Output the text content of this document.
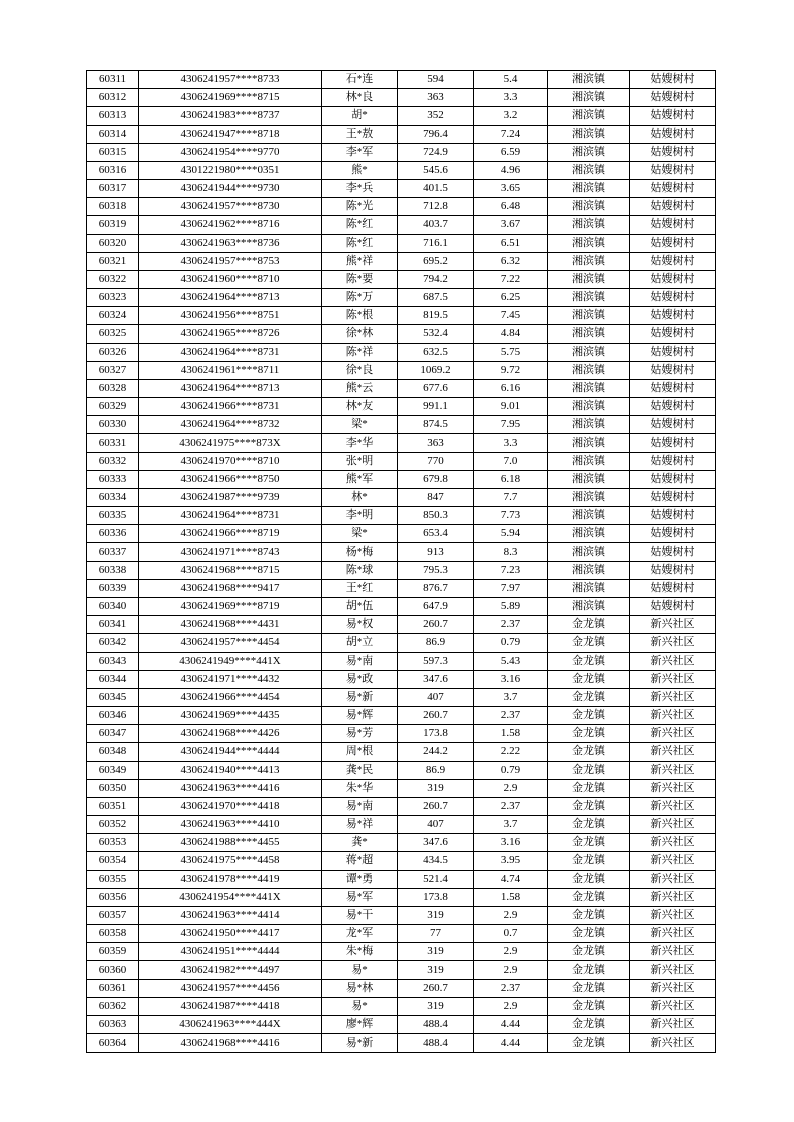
60311	4306241957****8733	石*连	594	5.4	湘滨镇	姑嫂树村
60312	4306241969****8715	林*良	363	3.3	湘滨镇	姑嫂树村
60313	4306241983****8737	胡*	352	3.2	湘滨镇	姑嫂树村
60314	4306241947****8718	王*敖	796.4	7.24	湘滨镇	姑嫂树村
60315	4306241954****9770	李*军	724.9	6.59	湘滨镇	姑嫂树村
60316	4301221980****0351	熊*	545.6	4.96	湘滨镇	姑嫂树村
60317	4306241944****9730	李*兵	401.5	3.65	湘滨镇	姑嫂树村
60318	4306241957****8730	陈*光	712.8	6.48	湘滨镇	姑嫂树村
60319	4306241962****8716	陈*红	403.7	3.67	湘滨镇	姑嫂树村
60320	4306241963****8736	陈*红	716.1	6.51	湘滨镇	姑嫂树村
60321	4306241957****8753	熊*祥	695.2	6.32	湘滨镇	姑嫂树村
60322	4306241960****8710	陈*要	794.2	7.22	湘滨镇	姑嫂树村
60323	4306241964****8713	陈*万	687.5	6.25	湘滨镇	姑嫂树村
60324	4306241956****8751	陈*根	819.5	7.45	湘滨镇	姑嫂树村
60325	4306241965****8726	徐*林	532.4	4.84	湘滨镇	姑嫂树村
60326	4306241964****8731	陈*祥	632.5	5.75	湘滨镇	姑嫂树村
60327	4306241961****8711	徐*良	1069.2	9.72	湘滨镇	姑嫂树村
60328	4306241964****8713	熊*云	677.6	6.16	湘滨镇	姑嫂树村
60329	4306241966****8731	林*友	991.1	9.01	湘滨镇	姑嫂树村
60330	4306241964****8732	梁*	874.5	7.95	湘滨镇	姑嫂树村
60331	4306241975****873X	李*华	363	3.3	湘滨镇	姑嫂树村
60332	4306241970****8710	张*明	770	7.0	湘滨镇	姑嫂树村
60333	4306241966****8750	熊*军	679.8	6.18	湘滨镇	姑嫂树村
60334	4306241987****9739	林*	847	7.7	湘滨镇	姑嫂树村
60335	4306241964****8731	李*明	850.3	7.73	湘滨镇	姑嫂树村
60336	4306241966****8719	梁*	653.4	5.94	湘滨镇	姑嫂树村
60337	4306241971****8743	杨*梅	913	8.3	湘滨镇	姑嫂树村
60338	4306241968****8715	陈*球	795.3	7.23	湘滨镇	姑嫂树村
60339	4306241968****9417	王*红	876.7	7.97	湘滨镇	姑嫂树村
60340	4306241969****8719	胡*伍	647.9	5.89	湘滨镇	姑嫂树村
60341	4306241968****4431	易*权	260.7	2.37	金龙镇	新兴社区
60342	4306241957****4454	胡*立	86.9	0.79	金龙镇	新兴社区
60343	4306241949****441X	易*南	597.3	5.43	金龙镇	新兴社区
60344	4306241971****4432	易*政	347.6	3.16	金龙镇	新兴社区
60345	4306241966****4454	易*新	407	3.7	金龙镇	新兴社区
60346	4306241969****4435	易*辉	260.7	2.37	金龙镇	新兴社区
60347	4306241968****4426	易*芳	173.8	1.58	金龙镇	新兴社区
60348	4306241944****4444	周*根	244.2	2.22	金龙镇	新兴社区
60349	4306241940****4413	龚*民	86.9	0.79	金龙镇	新兴社区
60350	4306241963****4416	朱*华	319	2.9	金龙镇	新兴社区
60351	4306241970****4418	易*南	260.7	2.37	金龙镇	新兴社区
60352	4306241963****4410	易*祥	407	3.7	金龙镇	新兴社区
60353	4306241988****4455	龚*	347.6	3.16	金龙镇	新兴社区
60354	4306241975****4458	蒋*超	434.5	3.95	金龙镇	新兴社区
60355	4306241978****4419	谭*勇	521.4	4.74	金龙镇	新兴社区
60356	4306241954****441X	易*军	173.8	1.58	金龙镇	新兴社区
60357	4306241963****4414	易*干	319	2.9	金龙镇	新兴社区
60358	4306241950****4417	龙*军	77	0.7	金龙镇	新兴社区
60359	4306241951****4444	朱*梅	319	2.9	金龙镇	新兴社区
60360	4306241982****4497	易*	319	2.9	金龙镇	新兴社区
60361	4306241957****4456	易*林	260.7	2.37	金龙镇	新兴社区
60362	4306241987****4418	易*	319	2.9	金龙镇	新兴社区
60363	4306241963****444X	廖*辉	488.4	4.44	金龙镇	新兴社区
60364	4306241968****4416	易*新	488.4	4.44	金龙镇	新兴社区
